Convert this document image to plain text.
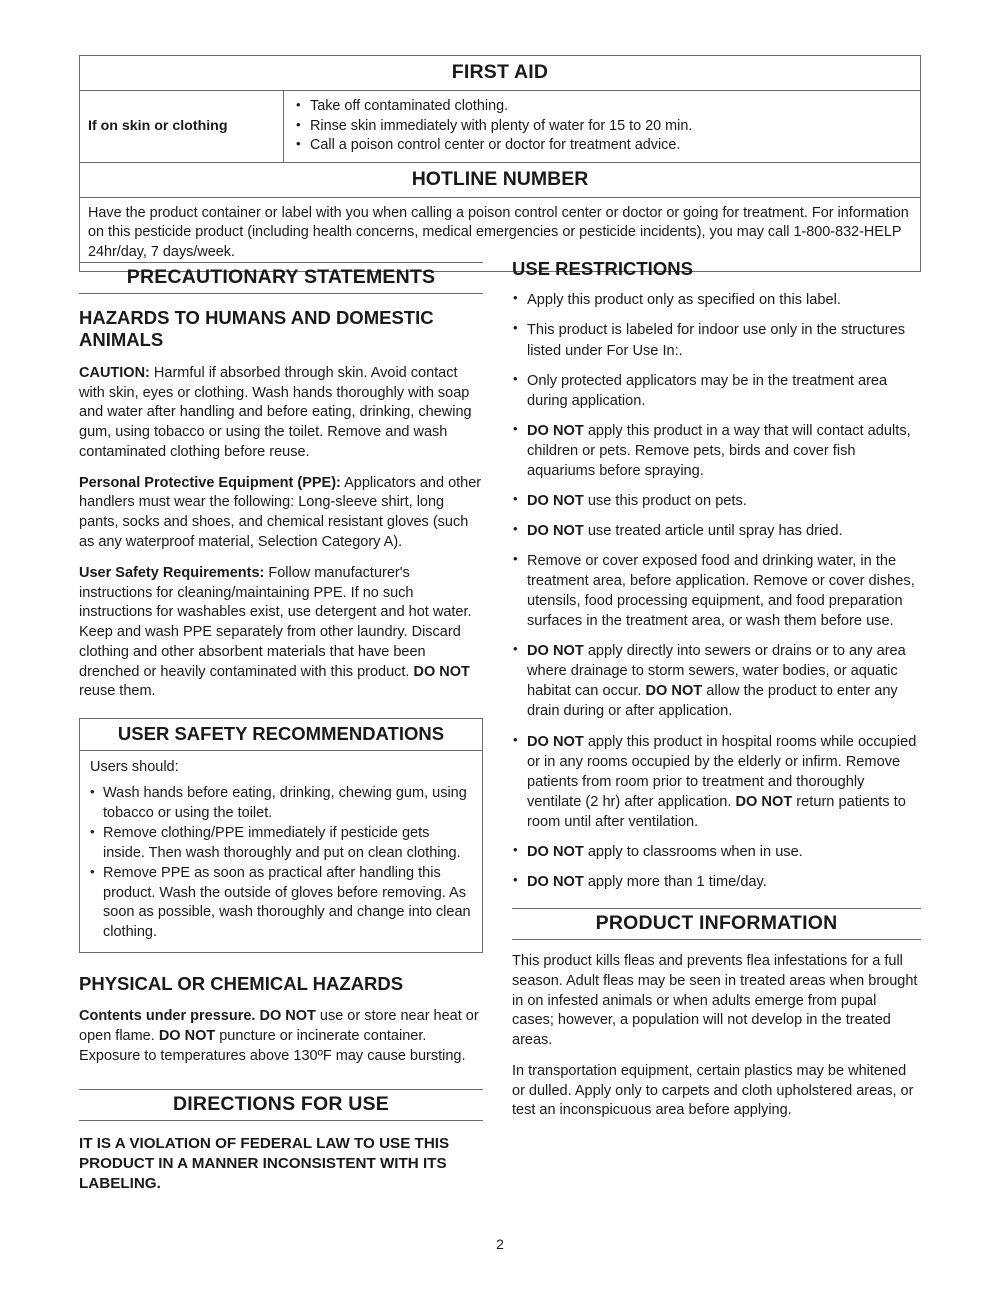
FIRST AID
If on skin or clothing
• Take off contaminated clothing.
• Rinse skin immediately with plenty of water for 15 to 20 min.
• Call a poison control center or doctor for treatment advice.
HOTLINE NUMBER
Have the product container or label with you when calling a poison control center or doctor or going for treatment. For information on this pesticide product (including health concerns, medical emergencies or pesticide incidents), you may call 1-800-832-HELP 24hr/day, 7 days/week.
PRECAUTIONARY STATEMENTS
HAZARDS TO HUMANS AND DOMESTIC ANIMALS

CAUTION: Harmful if absorbed through skin. Avoid contact with skin, eyes or clothing. Wash hands thoroughly with soap and water after handling and before eating, drinking, chewing gum, using tobacco or using the toilet. Remove and wash contaminated clothing before reuse.

Personal Protective Equipment (PPE): Applicators and other handlers must wear the following: Long-sleeve shirt, long pants, socks and shoes, and chemical resistant gloves (such as any waterproof material, Selection Category A).

User Safety Requirements: Follow manufacturer's instructions for cleaning/maintaining PPE. If no such instructions for washables exist, use detergent and hot water. Keep and wash PPE separately from other laundry. Discard clothing and other absorbent materials that have been drenched or heavily contaminated with this product. DO NOT reuse them.

USER SAFETY RECOMMENDATIONS

Users should:

• Wash hands before eating, drinking, chewing gum, using tobacco or using the toilet.
• Remove clothing/PPE immediately if pesticide gets inside. Then wash thoroughly and put on clean clothing.
• Remove PPE as soon as practical after handling this product. Wash the outside of gloves before removing. As soon as possible, wash thoroughly and change into clean clothing.
PHYSICAL OR CHEMICAL HAZARDS

Contents under pressure. DO NOT use or store near heat or open flame. DO NOT puncture or incinerate container. Exposure to temperatures above 130ºF may cause bursting.

DIRECTIONS FOR USE

IT IS A VIOLATION OF FEDERAL LAW TO USE THIS PRODUCT IN A MANNER INCONSISTENT WITH ITS LABELING.

USE RESTRICTIONS
• Apply this product only as specified on this label.
• This product is labeled for indoor use only in the structures listed under For Use In:.
• Only protected applicators may be in the treatment area during application.
• DO NOT apply this product in a way that will contact adults, children or pets. Remove pets, birds and cover fish aquariums before spraying.
• DO NOT use this product on pets.
• DO NOT use treated article until spray has dried.
• Remove or cover exposed food and drinking water, in the treatment area, before application. Remove or cover dishes, utensils, food processing equipment, and food preparation surfaces in the treatment area, or wash them before use.
• DO NOT apply directly into sewers or drains or to any area where drainage to storm sewers, water bodies, or aquatic habitat can occur. DO NOT allow the product to enter any drain during or after application.
• DO NOT apply this product in hospital rooms while occupied or in any rooms occupied by the elderly or infirm. Remove patients from room prior to treatment and thoroughly ventilate (2 hr) after application. DO NOT return patients to room until after ventilation.
• DO NOT apply to classrooms when in use.
• DO NOT apply more than 1 time/day.
PRODUCT INFORMATION

This product kills fleas and prevents flea infestations for a full season. Adult fleas may be seen in treated areas when brought in on infested animals or when adults emerge from pupal cases; however, a population will not develop in the treated areas.

In transportation equipment, certain plastics may be whitened or dulled. Apply only to carpets and cloth upholstered areas, or test an inconspicuous area before applying.

2
